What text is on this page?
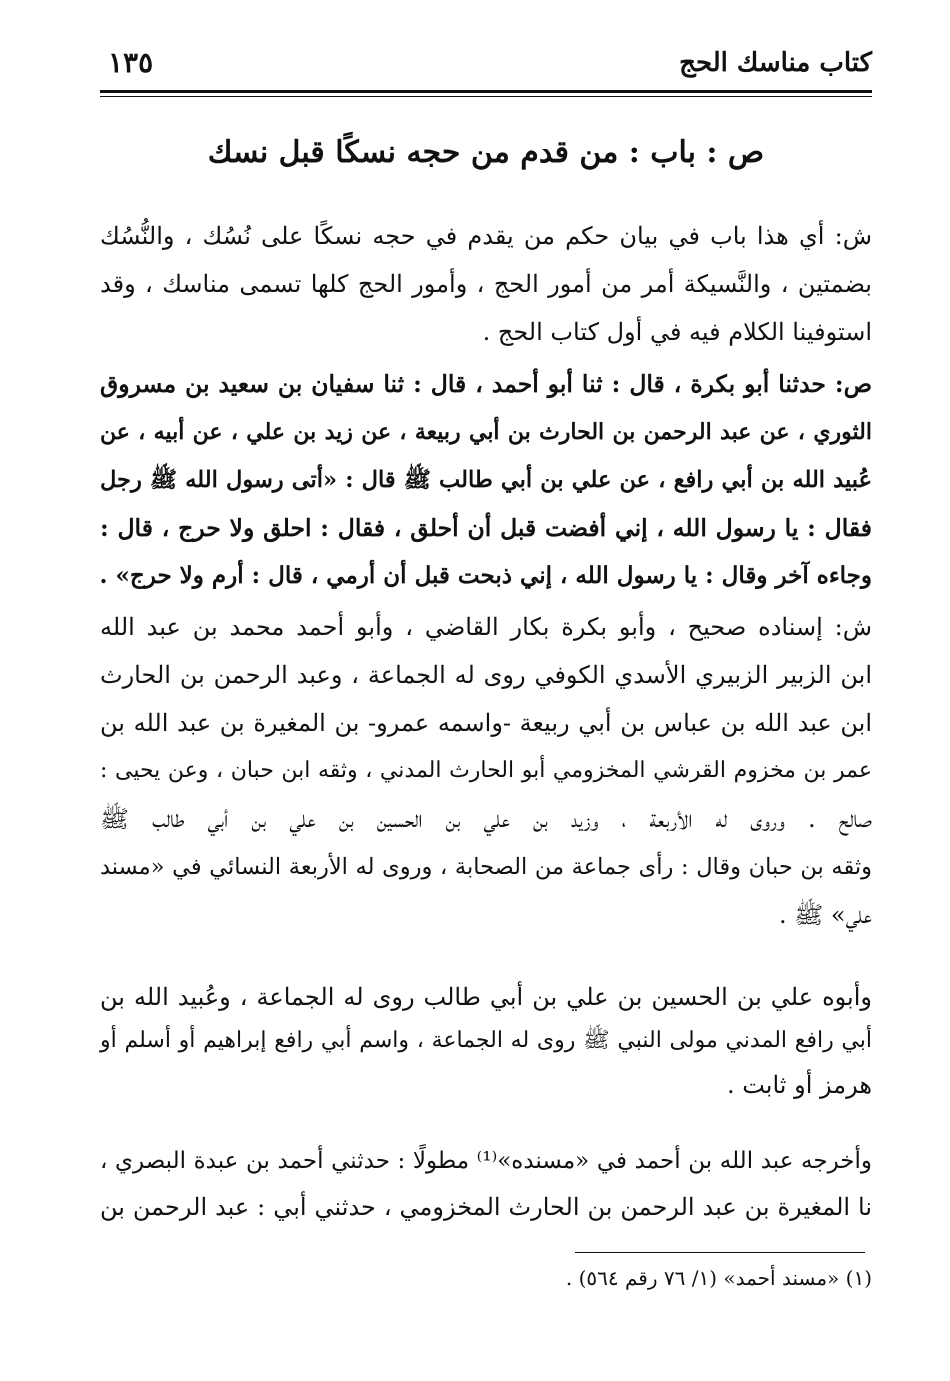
كتاب مناسك الحج
١٣٥
ص : باب : من قدم من حجه نسكًا قبل نسك
ش: أي هذا باب في بيان حكم من يقدم في حجه نسكًا على نُسُك ، والنُّسُك
بضمتين ، والنَّسيكة أمر من أمور الحج ، وأمور الحج كلها تسمى مناسك ، وقد
استوفينا الكلام فيه في أول كتاب الحج .
ص: حدثنا أبو بكرة ، قال : ثنا أبو أحمد ، قال : ثنا سفيان بن سعيد بن مسروق
الثوري ، عن عبد الرحمن بن الحارث بن أبي ربيعة ، عن زيد بن علي ، عن أبيه ، عن
عُبيد الله بن أبي رافع ، عن علي بن أبي طالب ﷺ قال : «أتى رسول الله ﷺ رجل
فقال : يا رسول الله ، إني أفضت قبل أن أحلق ، فقال : احلق ولا حرج ، قال :
وجاءه آخر وقال : يا رسول الله ، إني ذبحت قبل أن أرمي ، قال : أرم ولا حرج» .
ش: إسناده صحيح ، وأبو بكرة بكار القاضي ، وأبو أحمد محمد بن عبد الله
ابن الزبير الزبيري الأسدي الكوفي روى له الجماعة ، وعبد الرحمن بن الحارث
ابن عبد الله بن عباس بن أبي ربيعة -واسمه عمرو- بن المغيرة بن عبد الله بن
عمر بن مخزوم القرشي المخزومي أبو الحارث المدني ، وثقه ابن حبان ، وعن يحيى :
صالح . وروى له الأربعة ، وزيد بن علي بن الحسين بن علي بن أبي طالب ﷺ
وثقه بن حبان وقال : رأى جماعة من الصحابة ، وروى له الأربعة النسائي في «مسند
علي» ﷺ .
وأبوه علي بن الحسين بن علي بن أبي طالب روى له الجماعة ، وعُبيد الله بن
أبي رافع المدني مولى النبي ﷺ روى له الجماعة ، واسم أبي رافع إبراهيم أو أسلم أو
هرمز أو ثابت .
وأخرجه عبد الله بن أحمد في «مسنده»⁽¹⁾ مطولًا : حدثني أحمد بن عبدة البصري ،
نا المغيرة بن عبد الرحمن بن الحارث المخزومي ، حدثني أبي : عبد الرحمن بن
(١) «مسند أحمد» (١/ ٧٦ رقم ٥٦٤) .
